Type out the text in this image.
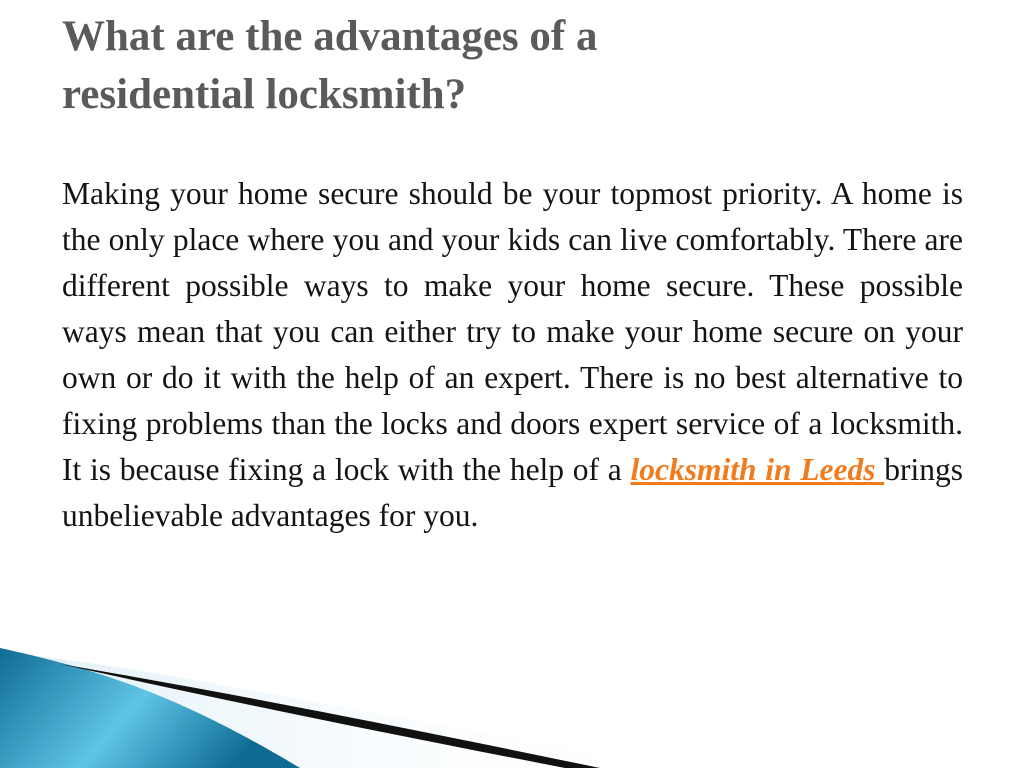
What are the advantages of a
residential locksmith?

Making your home secure should be your topmost priority. A home is the only place where you and your kids can live comfortably. There are different possible ways to make your home secure. These possible ways mean that you can either try to make your home secure on your own or do it with the help of an expert. There is no best alternative to fixing problems than the locks and doors expert service of a locksmith. It is because fixing a lock with the help of a locksmith in Leeds brings unbelievable advantages for you.
